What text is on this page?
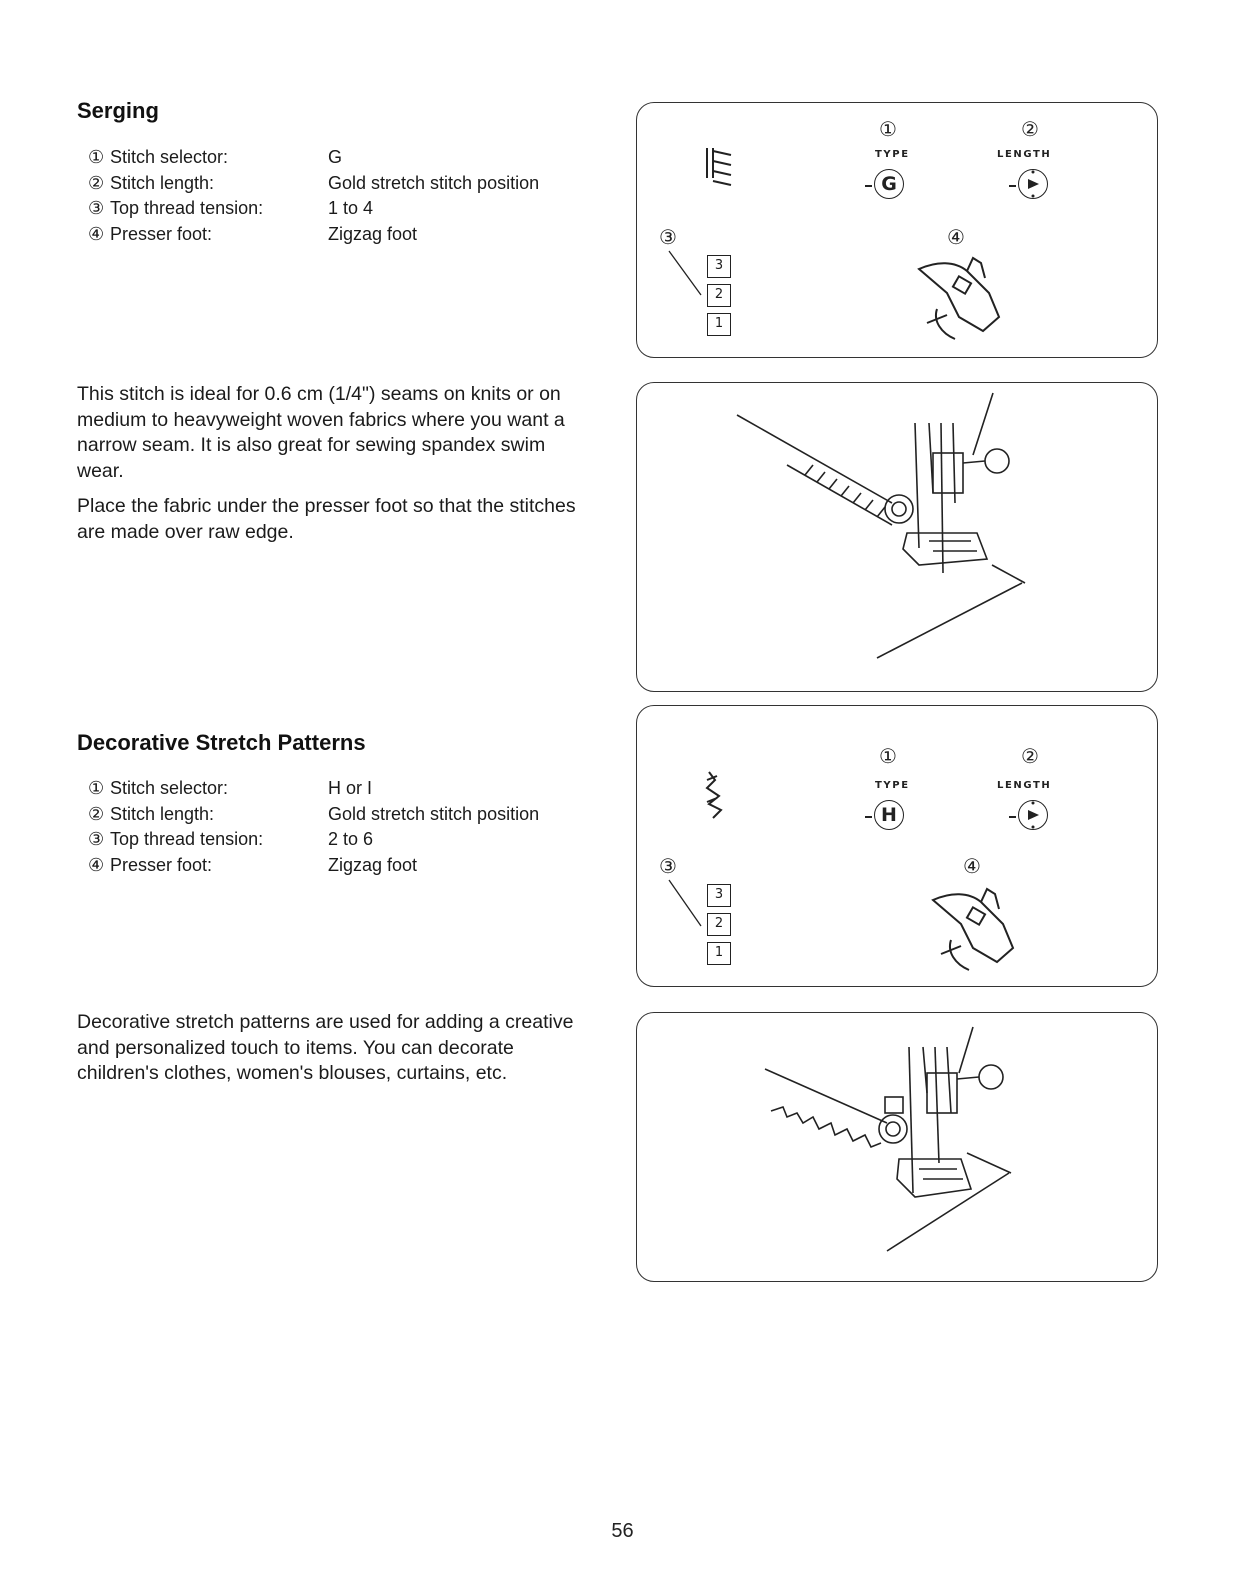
Serging
① Stitch selector:	G
② Stitch length:	Gold stretch stitch position
③ Top thread tension:	1 to 4
④ Presser foot:	Zigzag foot

This stitch is ideal for 0.6 cm (1/4") seams on knits or on medium to heavyweight woven fabrics where you want a narrow seam. It is also great for sewing spandex swim wear.

Place the fabric under the presser foot so that the stitches are made over raw edge.

①	②
TYPE	LENGTH
G
③	④
3
2
1
Decorative Stretch Patterns
① Stitch selector:	H or I
② Stitch length:	Gold stretch stitch position
③ Top thread tension:	2 to 6
④ Presser foot:	Zigzag foot

Decorative stretch patterns are used for adding a creative and personalized touch to items. You can decorate children's clothes, women's blouses, curtains, etc.

①	②
TYPE	LENGTH
H
③	④
3
2
1
56
